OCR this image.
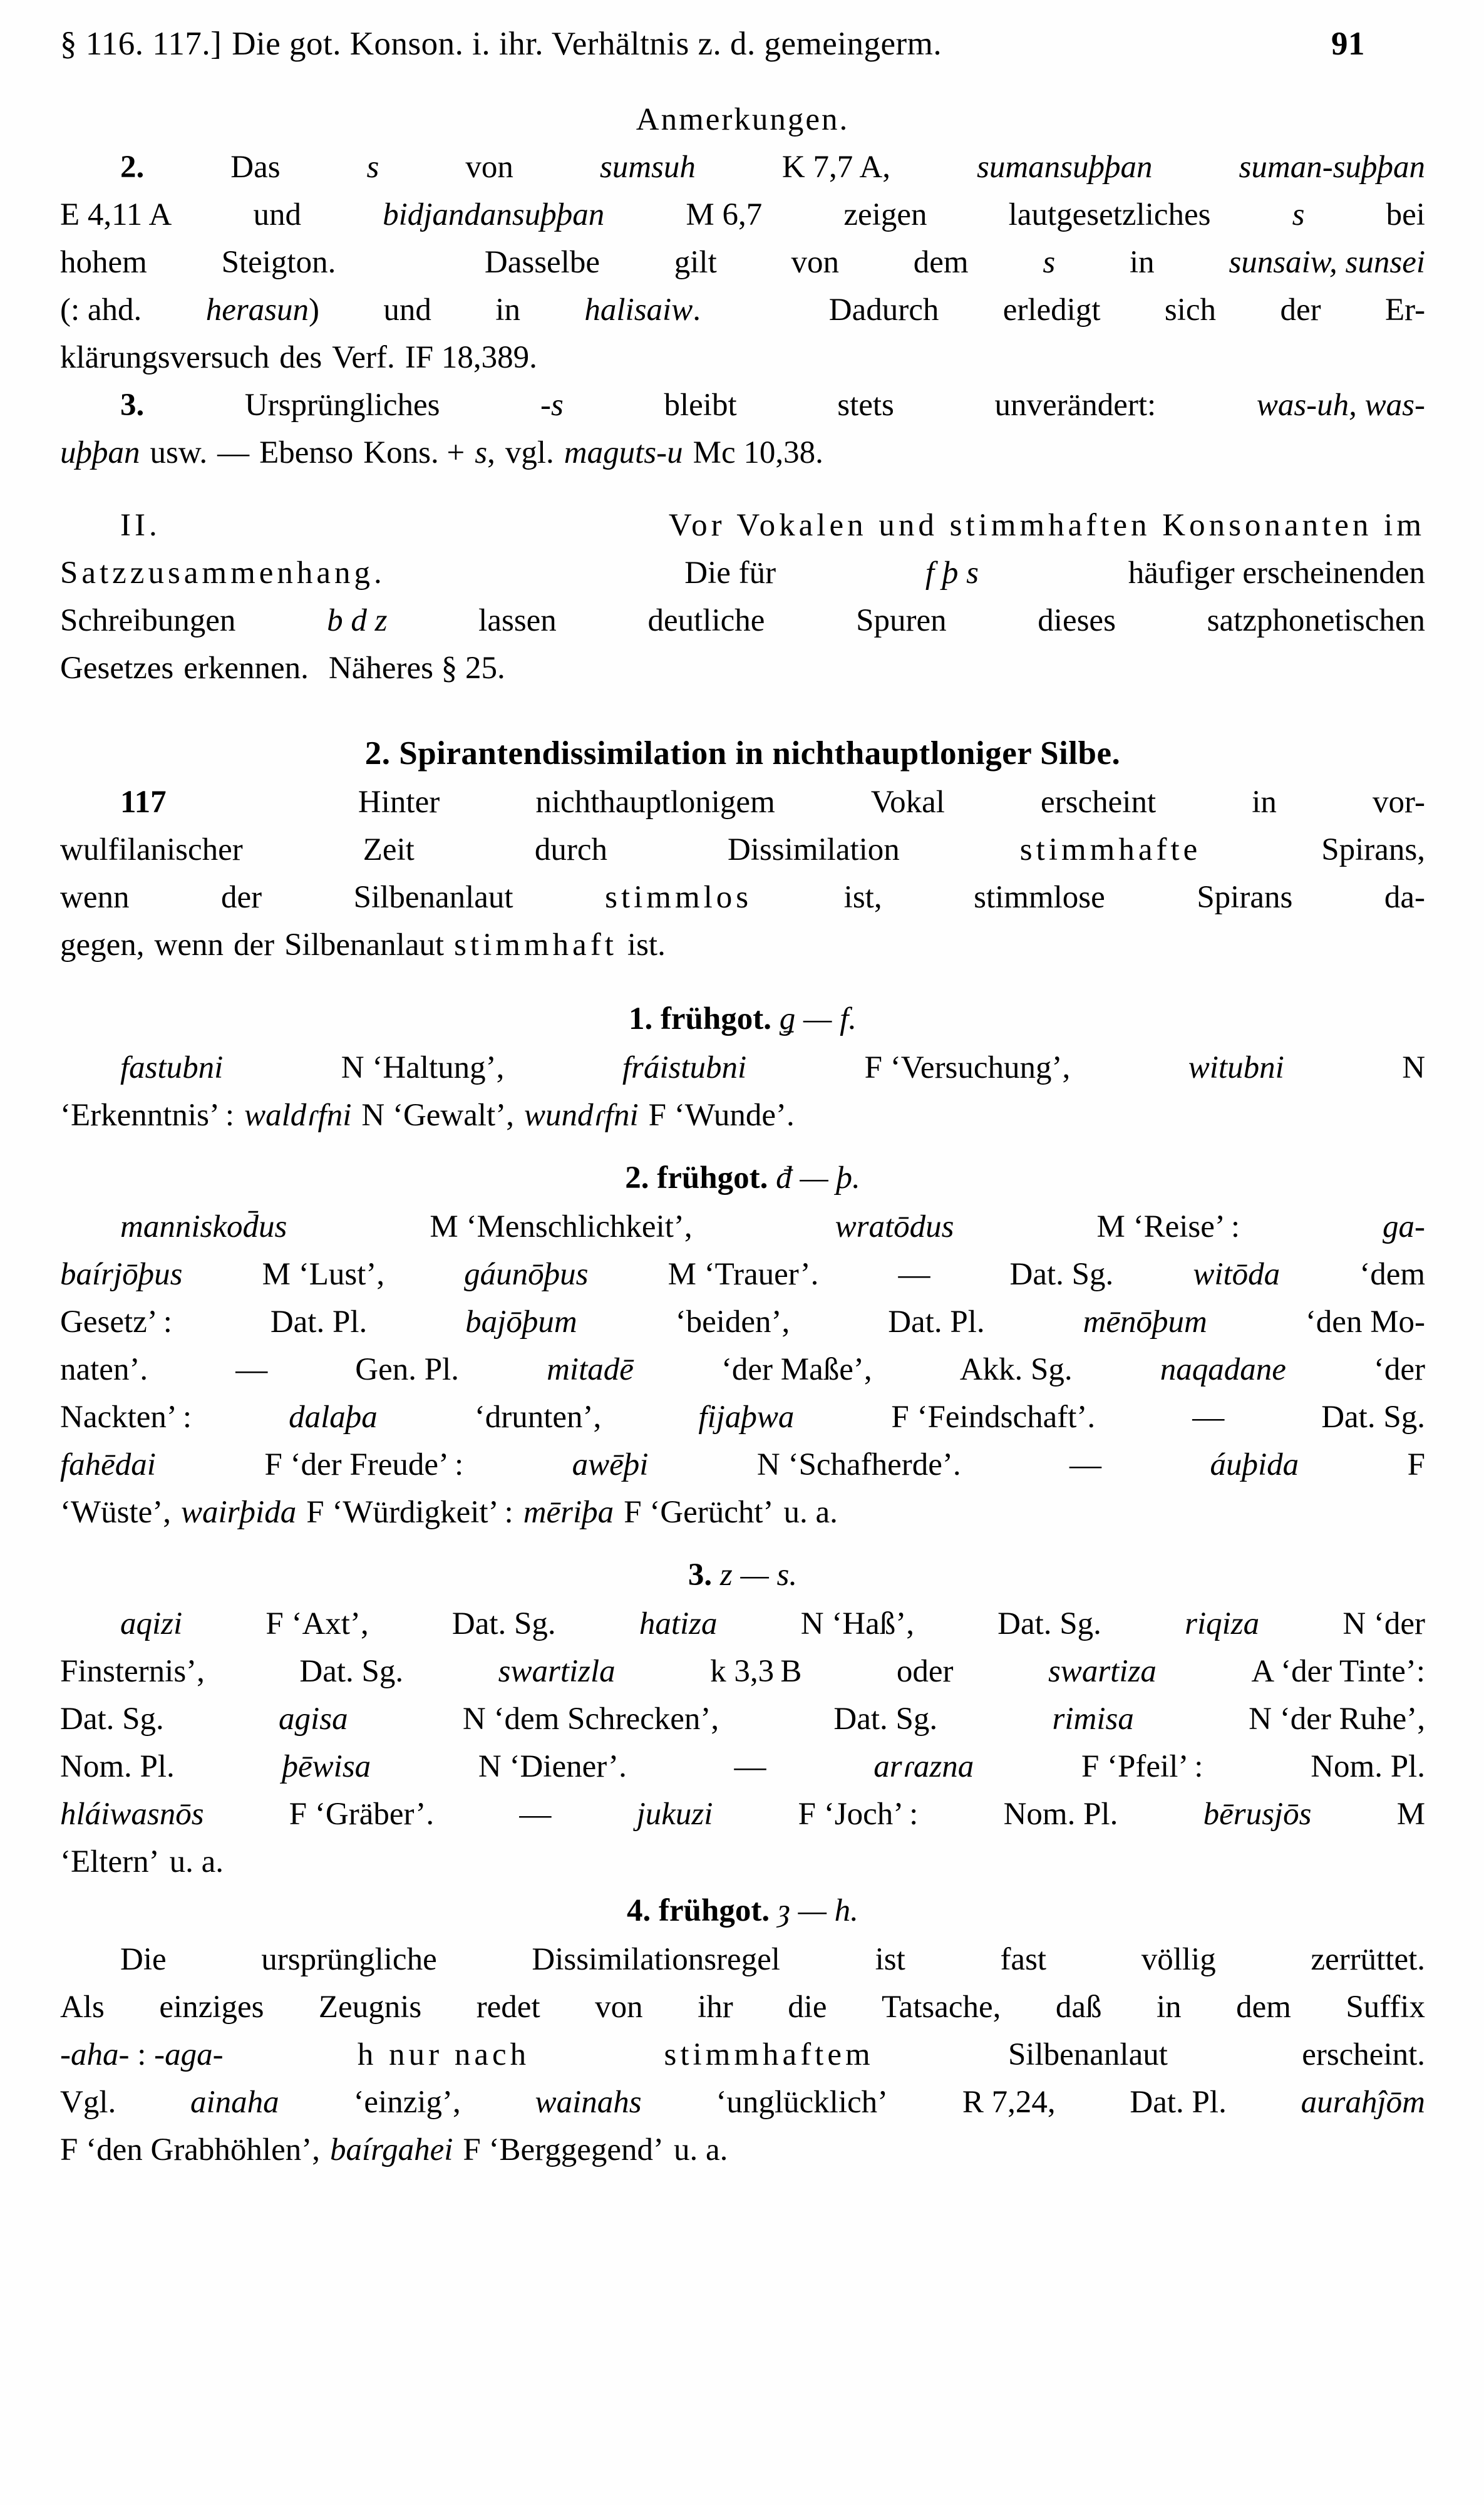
§ 116. 117.] Die got. Konson. i. ihr. Verhältnis z. d. gemeingerm.	91
Anmerkungen.
2.	Das	s	von	sumsuh	K 7,7 A,	sumansuþþan	suman-suþþan
E 4,11 A	und	bidjandansuþþan	M 6,7	zeigen	lautgesetzliches	s	bei
hohem Steigton.	Dasselbe gilt von dem s in sunsaiw, sunsei
(: ahd. herasun) und in halisaiw.	Dadurch erledigt sich der Er-
klärungsversuch des Verf. IF 18,389.
3.	Ursprüngliches	-s	bleibt	stets	unverändert:	was-uh, was-
uþþan usw. — Ebenso Kons. + s, vgl. maguts-u Mc 10,38.
II.	Vor Vokalen und stimmhaften Konsonanten im
Satzzusammenhang.	Die für	f þ s	häufiger erscheinenden
Schreibungen	b d z	lassen	deutliche	Spuren	dieses	satzphonetischen
Gesetzes erkennen. Näheres § 25.
2. Spirantendissimilation in nichthauptloniger Silbe.
117	Hinter	nichthauptlonigem	Vokal	erscheint	in	vor-
wulfilanischer	Zeit	durch	Dissimilation	stimmhafte	Spirans,
wenn	der	Silbenanlaut	stimmlos	ist,	stimmlose	Spirans	da-
gegen, wenn der Silbenanlaut stimmhaft ist.
1. frühgot. ǥ — f.
fastubni	N ‘Haltung’,	fráistubni	F ‘Versuchung’,	witubni	N
‘Erkenntnis’ : waldɾfni N ‘Gewalt’, wundɾfni F ‘Wunde’.
2. frühgot. đ — þ.
manniskod̄us	M ‘Menschlichkeit’,	wratōdus	M ‘Reise’ :	ga-
baírjōþus M ‘Lust’, gáunōþus M ‘Trauer’. — Dat. Sg. witōda ‘dem
Gesetz’ :	Dat. Pl.	bajōþum	‘beiden’,	Dat. Pl.	mēnōþum	‘den Mo-
naten’.	—	Gen. Pl.	mitadē	‘der Maße’,	Akk. Sg.	naqadane	‘der
Nackten’ :	dalaþa	‘drunten’,	fijaþwa	F ‘Feindschaft’.	—	Dat. Sg.
fahēdai	F ‘der Freude’ :	awēþi	N ‘Schafherde’.	—	áuþida	F
‘Wüste’, wairþida F ‘Würdigkeit’ : mēriþa F ‘Gerücht’ u. a.
3. z — s.
aqizi	F ‘Axt’,	Dat. Sg.	hatiza	N ‘Haß’,	Dat. Sg.	riqiza	N ‘der
Finsternis’,	Dat. Sg.	swartizla	k 3,3 B	oder	swartiza	A ‘der Tinte’:
Dat. Sg.	agisa	N ‘dem Schrecken’,	Dat. Sg.	rimisa	N ‘der Ruhe’,
Nom. Pl.	þēwisa	N ‘Diener’.	—	arɾazna	F ‘Pfeil’ :	Nom. Pl.
hláiwasnōs	F ‘Gräber’.	—	jukuzi	F ‘Joch’ :	Nom. Pl.	bērusjōs	M
‘Eltern’ u. a.
4. frühgot. ȝ — h.
Die	ursprüngliche	Dissimilationsregel	ist	fast	völlig	zerrüttet.
Als einziges Zeugnis redet von ihr die Tatsache, daß in dem Suffix
-aha- : -aga-	h nur nach	stimmhaftem	Silbenanlaut	erscheint.
Vgl. ainaha ‘einzig’, wainahs ‘unglücklich’ R 7,24, Dat. Pl. aurahĵōm
F ‘den Grabhöhlen’, baírgahei F ‘Berggegend’ u. a.
